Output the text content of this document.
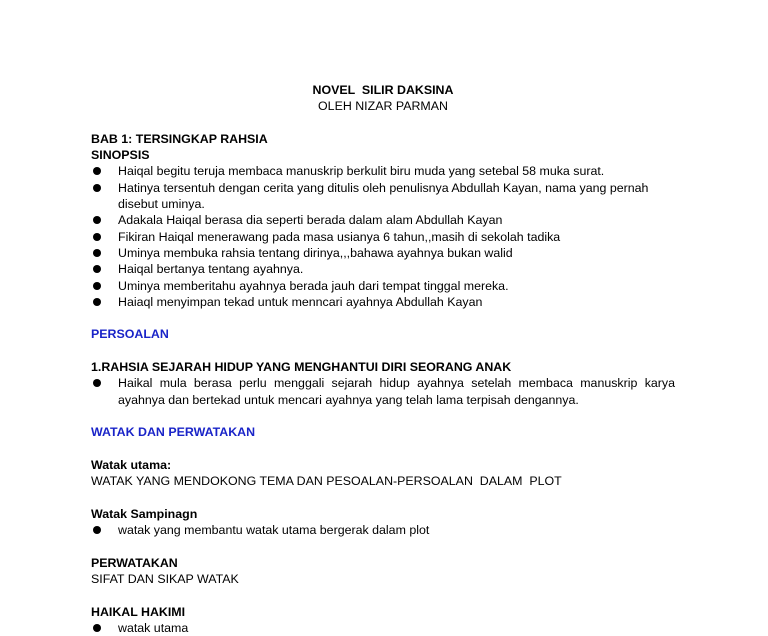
NOVEL  SILIR DAKSINA
OLEH NIZAR PARMAN
BAB 1: TERSINGKAP RAHSIA
SINOPSIS
Haiqal begitu teruja membaca manuskrip berkulit biru muda yang setebal 58 muka surat.
Hatinya tersentuh dengan cerita yang ditulis oleh penulisnya Abdullah Kayan, nama yang pernah disebut uminya.
Adakala Haiqal berasa dia seperti berada dalam alam Abdullah Kayan
Fikiran Haiqal menerawang pada masa usianya 6 tahun,,masih di sekolah tadika
Uminya membuka rahsia tentang dirinya,,,bahawa ayahnya bukan walid
Haiqal bertanya tentang ayahnya.
Uminya memberitahu ayahnya berada jauh dari tempat tinggal mereka.
Haiaql menyimpan tekad untuk menncari ayahnya Abdullah Kayan
PERSOALAN
1.RAHSIA SEJARAH HIDUP YANG MENGHANTUI DIRI SEORANG ANAK
Haikal mula berasa perlu menggali sejarah hidup ayahnya setelah membaca manuskrip karya ayahnya dan bertekad untuk mencari ayahnya yang telah lama terpisah dengannya.
WATAK DAN PERWATAKAN
Watak utama:
WATAK YANG MENDOKONG TEMA DAN PESOALAN-PERSOALAN  DALAM  PLOT
Watak Sampinagn
watak yang membantu watak utama bergerak dalam plot
PERWATAKAN
SIFAT DAN SIKAP WATAK
HAIKAL HAKIMI
watak utama
